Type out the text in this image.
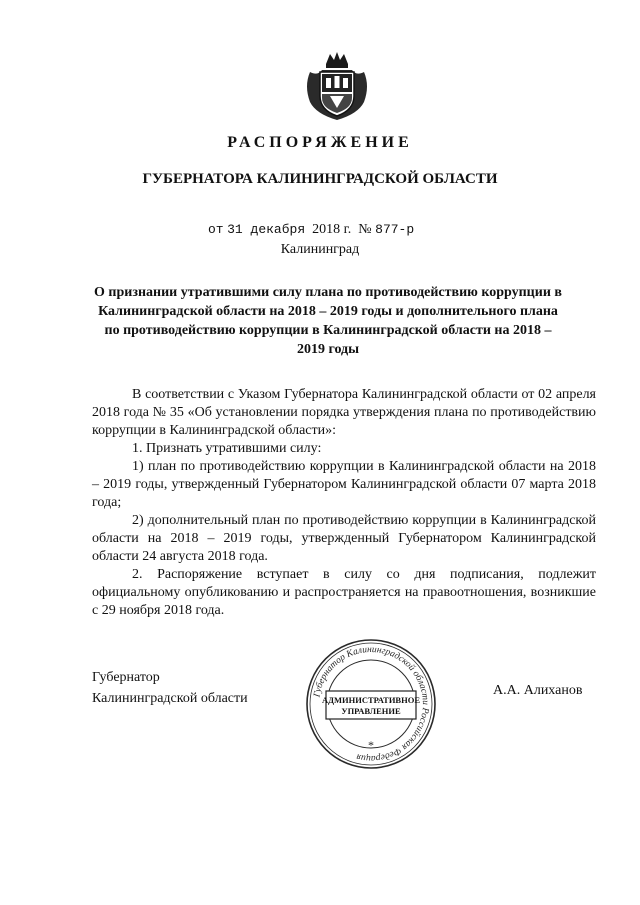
РАСПОРЯЖЕНИЕ
ГУБЕРНАТОРА КАЛИНИНГРАДСКОЙ ОБЛАСТИ
от 31 декабря 2018 г. № 877-р
Калининград
О признании утратившими силу плана по противодействию коррупции в Калининградской области на 2018 – 2019 годы и дополнительного плана по противодействию коррупции в Калининградской области на 2018 – 2019 годы

В соответствии с Указом Губернатора Калининградской области от 02 апреля 2018 года № 35 «Об установлении порядка утверждения плана по противодействию коррупции в Калининградской области»:

1. Признать утратившими силу:

1) план по противодействию коррупции в Калининградской области на 2018 – 2019 годы, утвержденный Губернатором Калининградской области 07 марта 2018 года;

2) дополнительный план по противодействию коррупции в Калининградской области на 2018 – 2019 годы, утвержденный Губернатором Калининградской области 24 августа 2018 года.

2. Распоряжение вступает в силу со дня подписания, подлежит официальному опубликованию и распространяется на правоотношения, возникшие с 29 ноября 2018 года.

Губернатор
Калининградской области
А.А. Алиханов
Губернатор Калининградской области Российская Федерация
АДМИНИСТРАТИВНОЕ
УПРАВЛЕНИЕ
*
